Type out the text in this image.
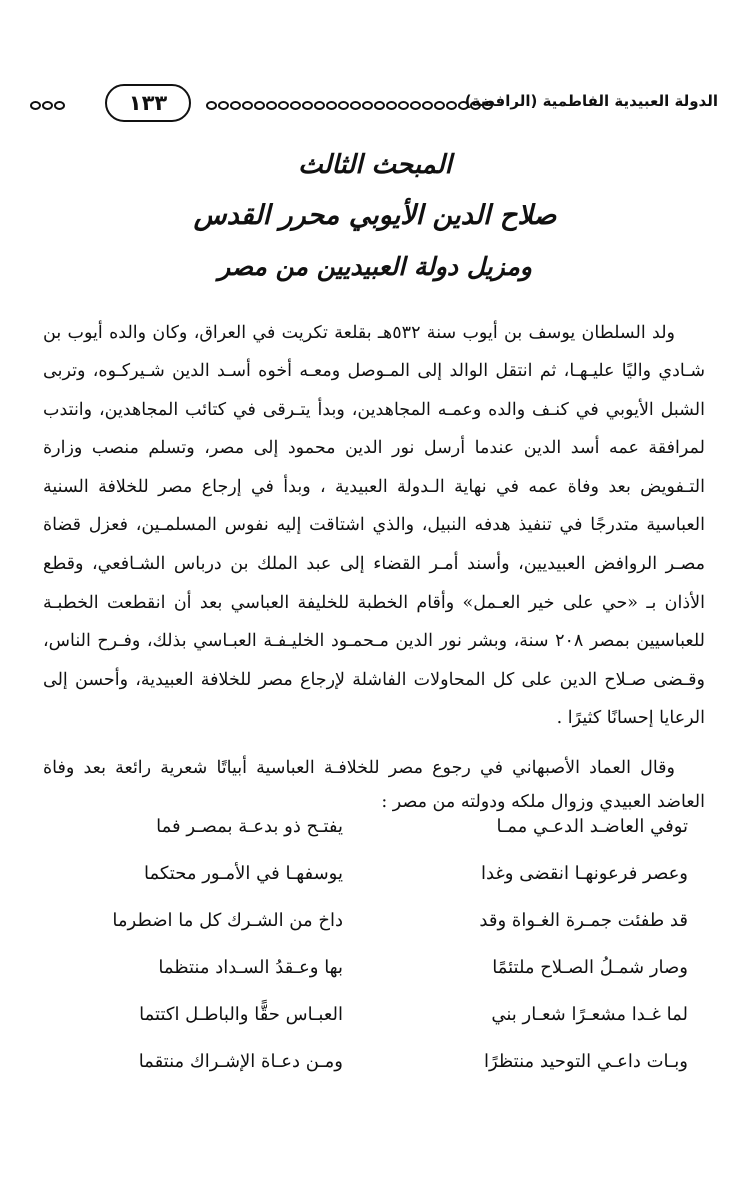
١٣٣	الدولة العبيدية الفاطمية (الرافضة)
المبحث الثالث
صلاح الدين الأيوبي محرر القدس
ومزيل دولة العبيديين من مصر

ولد السلطان يوسف بن أيوب سنة ٥٣٢هـ بقلعة تكريت في العراق، وكان والده أيوب بن شـادي واليًا عليـهـا، ثم انتقل الوالد إلى المـوصل ومعـه أخوه أسـد الدين شـيركـوه، وتربى الشبل الأيوبي في كنـف والده وعمـه المجاهدين، وبدأ يتـرقى في كتائب المجاهدين، وانتدب لمرافقة عمه أسد الدين عندما أرسل نور الدين محمود إلى مصر، وتسلم منصب وزارة التـفويض بعد وفاة عمه في نهاية الـدولة العبيدية ، وبدأ في إرجاع مصر للخلافة السنية العباسية متدرجًا في تنفيذ هدفه النبيل، والذي اشتاقت إليه نفوس المسلمـين، فعزل قضاة مصـر الروافض العبيديين، وأسند أمـر القضاء إلى عبد الملك بن درباس الشـافعي، وقطع الأذان بـ «حي على خير العـمل» وأقام الخطبة للخليفة العباسي بعد أن انقطعت الخطبـة للعباسيين بمصر ٢٠٨ سنة، وبشر نور الدين مـحمـود الخليـفـة العبـاسي بذلك، وفـرح الناس، وقـضى صـلاح الدين على كل المحاولات الفاشلة لإرجاع مصر للخلافة العبيدية، وأحسن إلى الرعايا إحسانًا كثيرًا .

وقال العماد الأصبهاني في رجوع مصر للخلافـة العباسية أبياتًا شعرية رائعة بعد وفاة العاضد العبيدي وزوال ملكه ودولته من مصر :

توفي العاضـد الدعـي ممـا
يفتـح ذو بدعـة بمصـر فما
وعصر فرعونهـا انقضى وغدا
يوسفهـا في الأمـور محتكما
قد طفئت جمـرة الغـواة وقد
داخ من الشـرك كل ما اضطرما
وصار شمـلُ الصـلاح ملتئمًا
بها وعـقدُ السـداد منتظما
لما غـدا مشعـرًا شعـار بني
العبـاس حقًّا والباطـل اكتتما
وبـات داعـي التوحيد منتظرًا
ومـن دعـاة الإشـراك منتقما
